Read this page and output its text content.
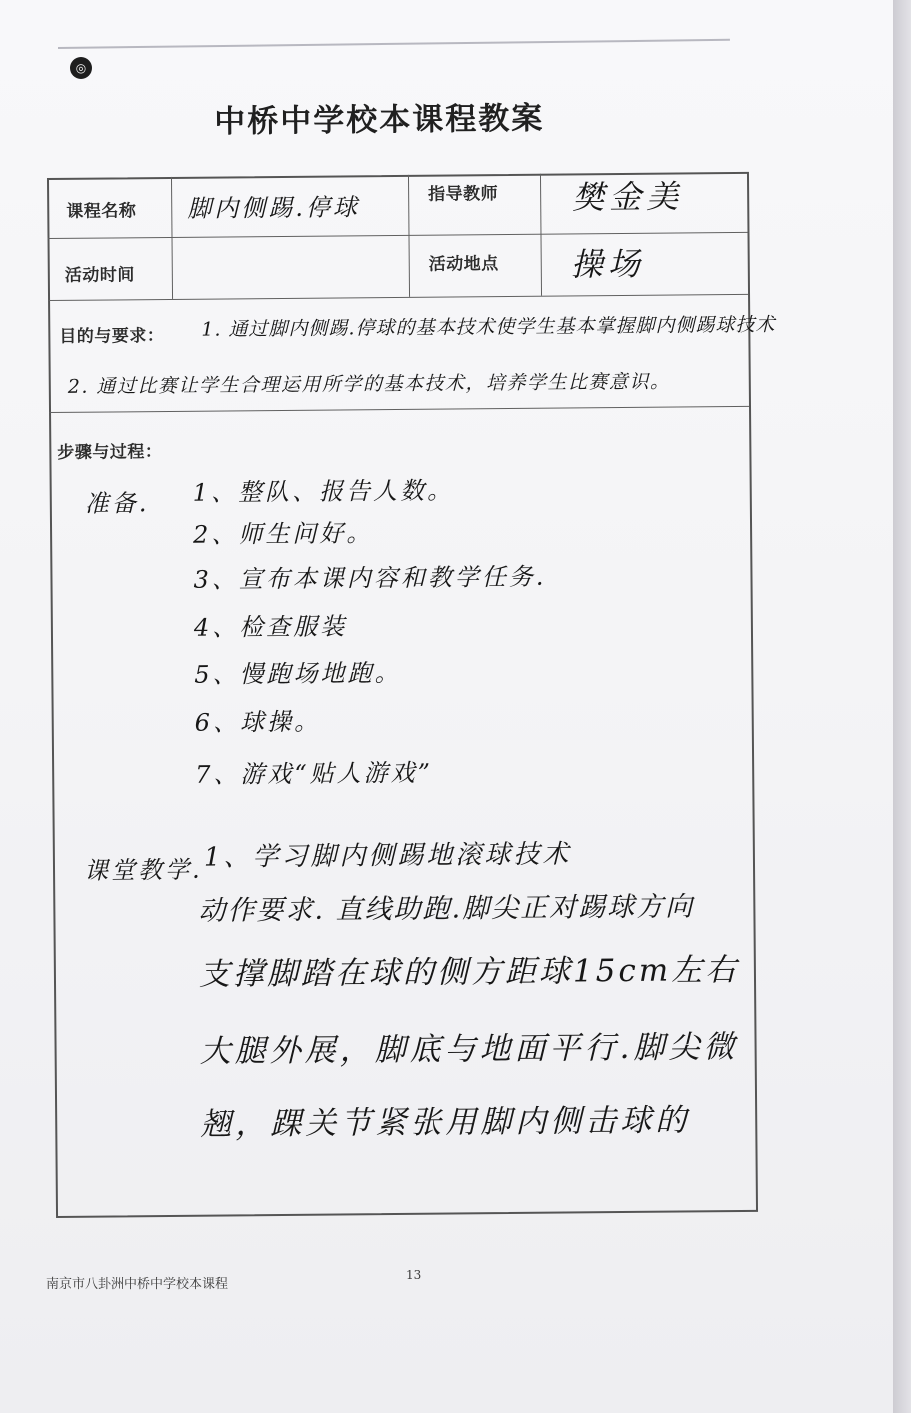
◎
中桥中学校本课程教案
课程名称 脚内侧踢.停球	指导教师 樊金美
活动时间
活动地点 操场
目的与要求： 1. 通过脚内侧踢.停球的基本技术使学生基本掌握脚内侧踢球技术
2. 通过比赛让学生合理运用所学的基本技术，培养学生比赛意识。
步骤与过程：
准备. 1、整队、报告人数。
2、师生问好。
3、宣布本课内容和教学任务.
4、检查服装
5、慢跑场地跑。
6、球操。
7、游戏“贴人游戏”
课堂教学. 1、学习脚内侧踢地滚球技术
动作要求. 直线助跑.脚尖正对踢球方向
支撑脚踏在球的侧方距球15cm左右
大腿外展，脚底与地面平行.脚尖微
翘，踝关节紧张用脚内侧击球的
南京市八卦洲中桥中学校本课程
13
